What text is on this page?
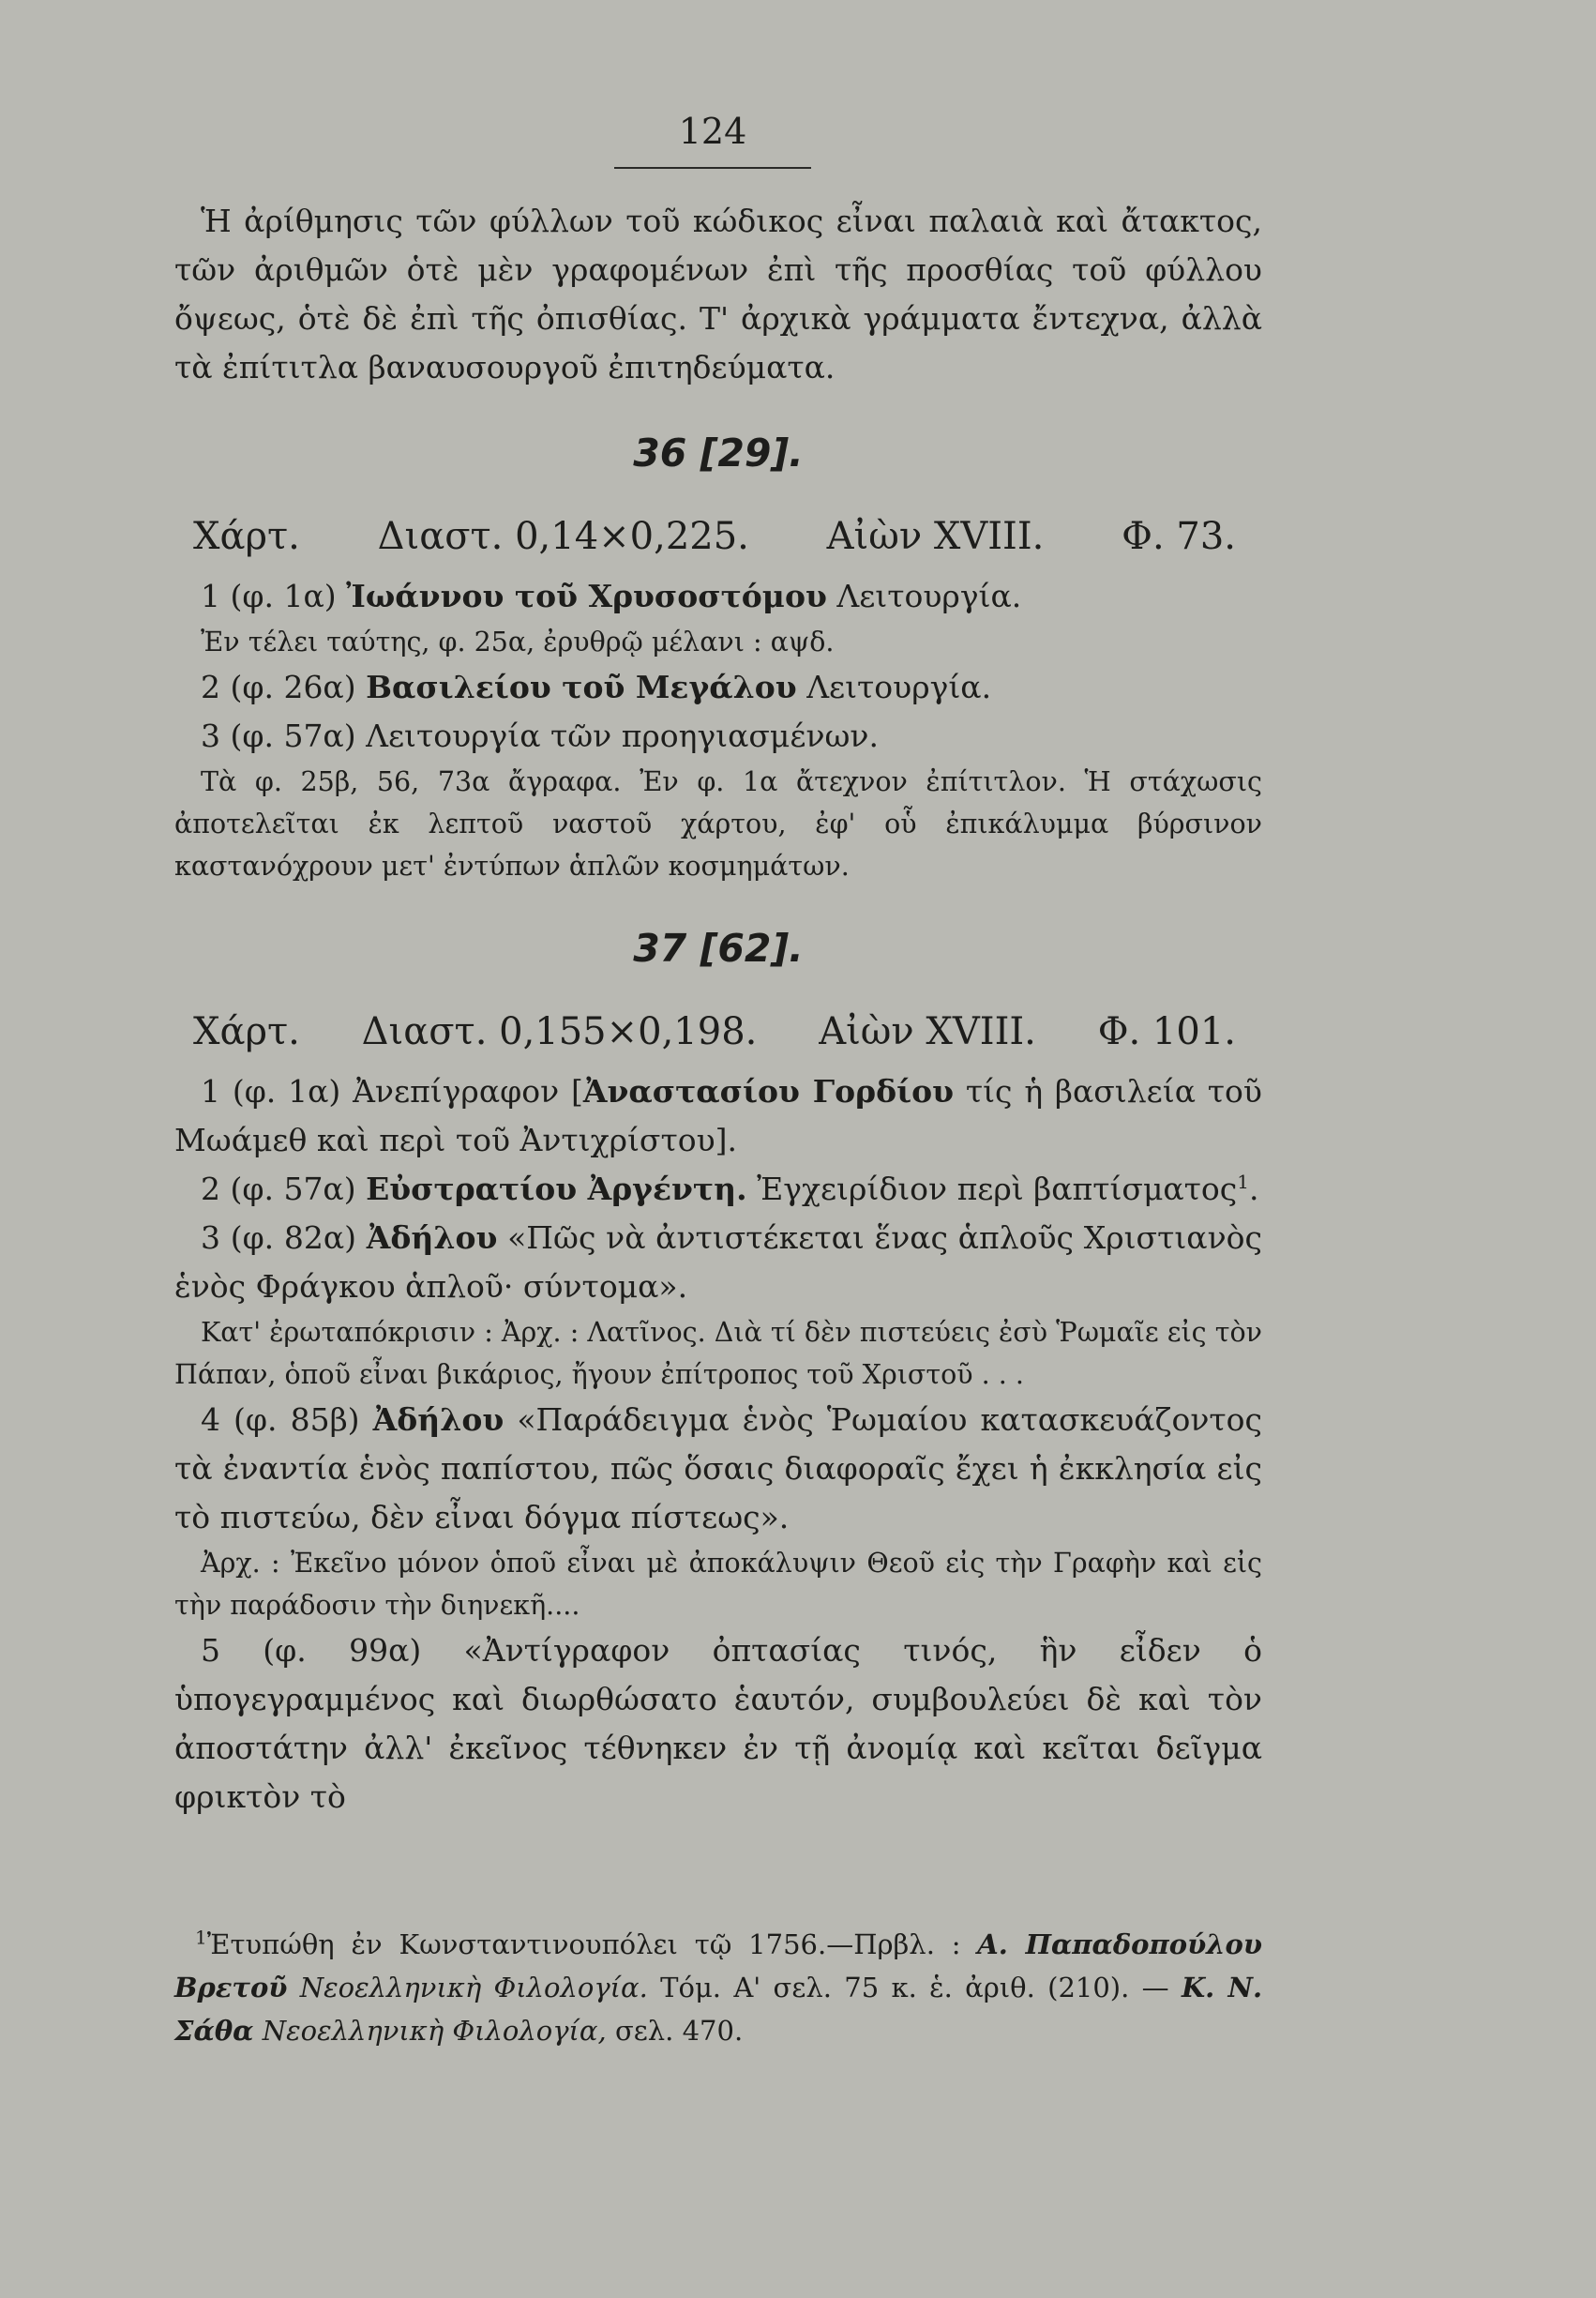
124

Ἡ ἀρίθμησις τῶν φύλλων τοῦ κώδικος εἶναι παλαιὰ καὶ ἄτακτος, τῶν ἀριθμῶν ὁτὲ μὲν γραφομένων ἐπὶ τῆς προσθίας τοῦ φύλλου ὄψεως, ὁτὲ δὲ ἐπὶ τῆς ὀπισθίας. Τ' ἀρχικὰ γράμματα ἔντεχνα, ἀλλὰ τὰ ἐπίτιτλα βαναυσουργοῦ ἐπιτηδεύματα.

36 [29].
Χάρτ. Διαστ. 0,14×0,225. Αἰὼν XVIII. Φ. 73.

1 (φ. 1α) Ἰωάννου τοῦ Χρυσοστόμου Λειτουργία.

Ἐν τέλει ταύτης, φ. 25α, ἐρυθρῷ μέλανι : αψδ.

2 (φ. 26α) Βασιλείου τοῦ Μεγάλου Λειτουργία.

3 (φ. 57α) Λειτουργία τῶν προηγιασμένων.

Τὰ φ. 25β, 56, 73α ἄγραφα. Ἐν φ. 1α ἄτεχνον ἐπίτιτλον. Ἡ στάχωσις ἀποτελεῖται ἐκ λεπτοῦ ναστοῦ χάρτου, ἐφ' οὗ ἐπικάλυμμα βύρσινον καστανόχρουν μετ' ἐντύπων ἁπλῶν κοσμημάτων.

37 [62].
Χάρτ. Διαστ. 0,155×0,198. Αἰὼν XVIII. Φ. 101.

1 (φ. 1α) Ἀνεπίγραφον [Ἀναστασίου Γορδίου τίς ἡ βασιλεία τοῦ Μωάμεθ καὶ περὶ τοῦ Ἀντιχρίστου].

2 (φ. 57α) Εὐστρατίου Ἀργέντη. Ἐγχειρίδιον περὶ βαπτίσματος$^1$.

3 (φ. 82α) Ἀδήλου «Πῶς νὰ ἀντιστέκεται ἕνας ἁπλοῦς Χριστιανὸς ἑνὸς Φράγκου ἁπλοῦ· σύντομα».

Κατ' ἐρωταπόκρισιν : Ἀρχ. : Λατῖνος. Διὰ τί δὲν πιστεύεις ἐσὺ Ῥωμαῖε εἰς τὸν Πάπαν, ὁποῦ εἶναι βικάριος, ἤγουν ἐπίτροπος τοῦ Χριστοῦ . . .

4 (φ. 85β) Ἀδήλου «Παράδειγμα ἑνὸς Ῥωμαίου κατασκευάζοντος τὰ ἐναντία ἑνὸς παπίστου, πῶς ὅσαις διαφοραῖς ἔχει ἡ ἐκκλησία εἰς τὸ πιστεύω, δὲν εἶναι δόγμα πίστεως».

Ἀρχ. : Ἐκεῖνο μόνον ὁποῦ εἶναι μὲ ἀποκάλυψιν Θεοῦ εἰς τὴν Γραφὴν καὶ εἰς τὴν παράδοσιν τὴν διηνεκῆ....

5 (φ. 99α) «Ἀντίγραφον ὀπτασίας τινός, ἣν εἶδεν ὁ ὑπογεγραμμένος καὶ διωρθώσατο ἑαυτόν, συμβουλεύει δὲ καὶ τὸν ἀποστάτην ἀλλ' ἐκεῖνος τέθνηκεν ἐν τῇ ἀνομίᾳ καὶ κεῖται δεῖγμα φρικτὸν τὸ

$^1$Ἐτυπώθη ἐν Κωνσταντινουπόλει τῷ 1756.—Πρβλ. : Α. Παπαδοπούλου Βρετοῦ Νεοελληνικὴ Φιλολογία. Τόμ. Α' σελ. 75 κ. ἑ. ἀριθ. (210). — Κ. Ν. Σάθα Νεοελληνικὴ Φιλολογία, σελ. 470.
